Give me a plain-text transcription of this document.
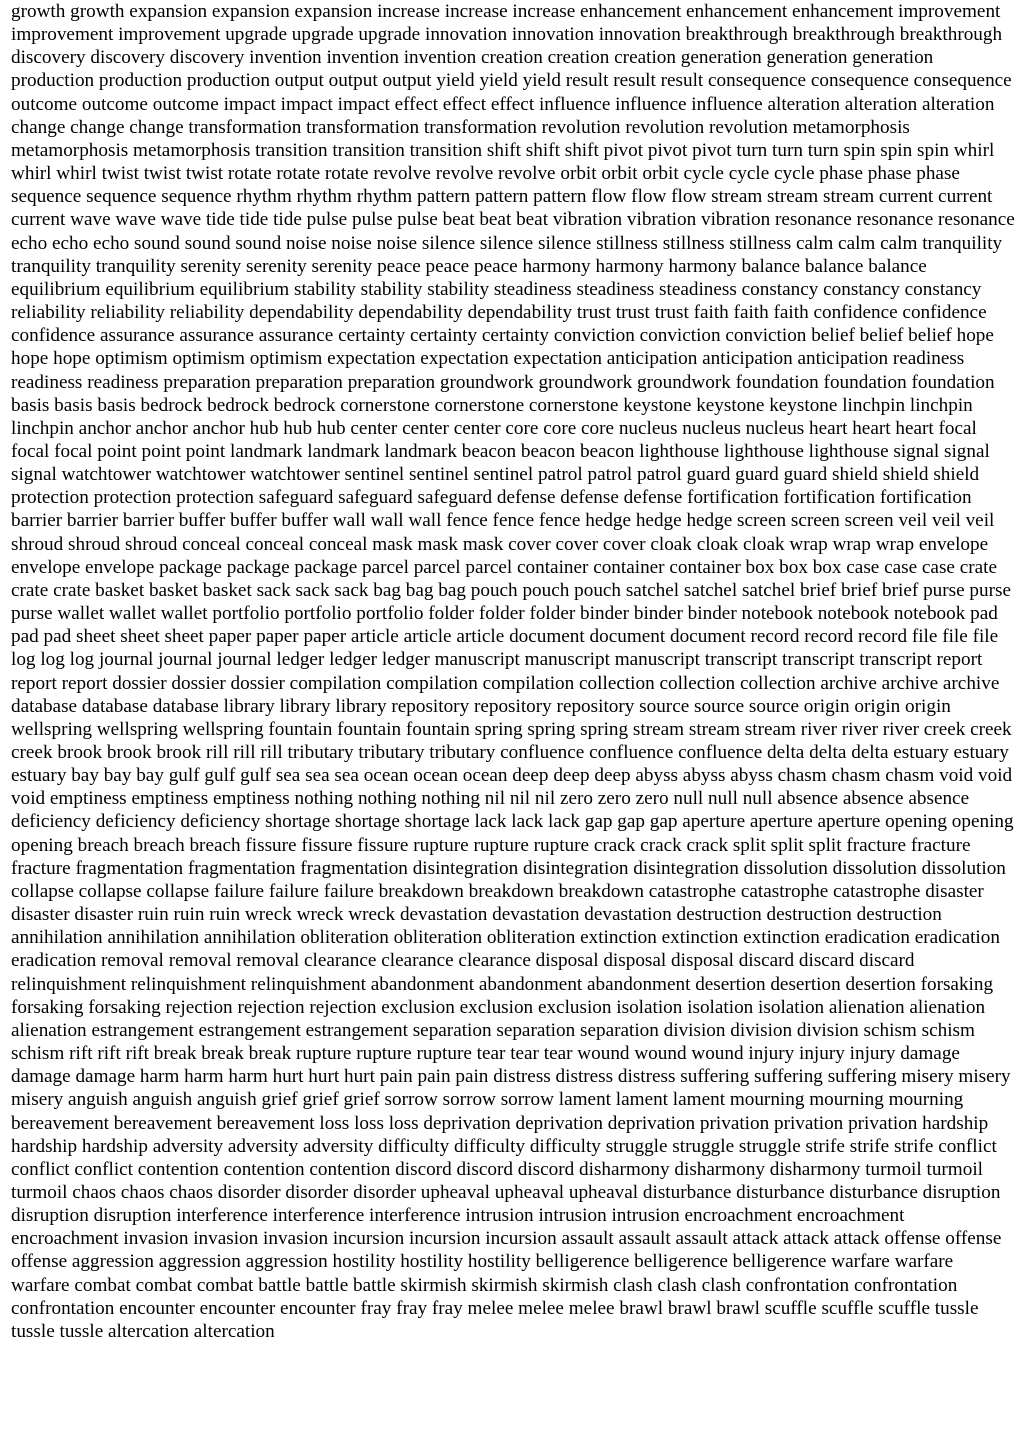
growth growth expansion expansion expansion increase increase increase enhancement enhancement enhancement improvement improvement improvement upgrade upgrade upgrade innovation innovation innovation breakthrough breakthrough breakthrough discovery discovery discovery invention invention invention creation creation creation generation generation generation production production production output output output yield yield yield result result result consequence consequence consequence outcome outcome outcome impact impact impact effect effect effect influence influence influence alteration alteration alteration change change change transformation transformation transformation revolution revolution revolution metamorphosis metamorphosis metamorphosis transition transition transition shift shift shift pivot pivot pivot turn turn turn spin spin spin whirl whirl whirl twist twist twist rotate rotate rotate revolve revolve revolve orbit orbit orbit cycle cycle cycle phase phase phase sequence sequence sequence rhythm rhythm rhythm pattern pattern pattern flow flow flow stream stream stream current current current wave wave wave tide tide tide pulse pulse pulse beat beat beat vibration vibration vibration resonance resonance resonance echo echo echo sound sound sound noise noise noise silence silence silence stillness stillness stillness calm calm calm tranquility tranquility tranquility serenity serenity serenity peace peace peace harmony harmony harmony balance balance balance equilibrium equilibrium equilibrium stability stability stability steadiness steadiness steadiness constancy constancy constancy reliability reliability reliability dependability dependability dependability trust trust trust faith faith faith confidence confidence confidence assurance assurance assurance certainty certainty certainty conviction conviction conviction belief belief belief hope hope hope optimism optimism optimism expectation expectation expectation anticipation anticipation anticipation readiness readiness readiness preparation preparation preparation groundwork groundwork groundwork foundation foundation foundation basis basis basis bedrock bedrock bedrock cornerstone cornerstone cornerstone keystone keystone keystone linchpin linchpin linchpin anchor anchor anchor hub hub hub center center center core core core nucleus nucleus nucleus heart heart heart focal focal focal point point point landmark landmark landmark beacon beacon beacon lighthouse lighthouse lighthouse signal signal signal watchtower watchtower watchtower sentinel sentinel sentinel patrol patrol patrol guard guard guard shield shield shield protection protection protection safeguard safeguard safeguard defense defense defense fortification fortification fortification barrier barrier barrier buffer buffer buffer wall wall wall fence fence fence hedge hedge hedge screen screen screen veil veil veil shroud shroud shroud conceal conceal conceal mask mask mask cover cover cover cloak cloak cloak wrap wrap wrap envelope envelope envelope package package package parcel parcel parcel container container container box box box case case case crate crate crate basket basket basket sack sack sack bag bag bag pouch pouch pouch satchel satchel satchel brief brief brief purse purse purse wallet wallet wallet portfolio portfolio portfolio folder folder folder binder binder binder notebook notebook notebook pad pad pad sheet sheet sheet paper paper paper article article article document document document record record record file file file log log log journal journal journal ledger ledger ledger manuscript manuscript manuscript transcript transcript transcript report report report dossier dossier dossier compilation compilation compilation collection collection collection archive archive archive database database database library library library repository repository repository source source source origin origin origin wellspring wellspring wellspring fountain fountain fountain spring spring spring stream stream stream river river river creek creek creek brook brook brook rill rill rill tributary tributary tributary confluence confluence confluence delta delta delta estuary estuary estuary bay bay bay gulf gulf gulf sea sea sea ocean ocean ocean deep deep deep abyss abyss abyss chasm chasm chasm void void void emptiness emptiness emptiness nothing nothing nothing nil nil nil zero zero zero null null null absence absence absence deficiency deficiency deficiency shortage shortage shortage lack lack lack gap gap gap aperture aperture aperture opening opening opening breach breach breach fissure fissure fissure rupture rupture rupture crack crack crack split split split fracture fracture fracture fragmentation fragmentation fragmentation disintegration disintegration disintegration dissolution dissolution dissolution collapse collapse collapse failure failure failure breakdown breakdown breakdown catastrophe catastrophe catastrophe disaster disaster disaster ruin ruin ruin wreck wreck wreck devastation devastation devastation destruction destruction destruction annihilation annihilation annihilation obliteration obliteration obliteration extinction extinction extinction eradication eradication eradication removal removal removal clearance clearance clearance disposal disposal disposal discard discard discard relinquishment relinquishment relinquishment abandonment abandonment abandonment desertion desertion desertion forsaking forsaking forsaking rejection rejection rejection exclusion exclusion exclusion isolation isolation isolation alienation alienation alienation estrangement estrangement estrangement separation separation separation division division division schism schism schism rift rift rift break break break rupture rupture rupture tear tear tear wound wound wound injury injury injury damage damage damage harm harm harm hurt hurt hurt pain pain pain distress distress distress suffering suffering suffering misery misery misery anguish anguish anguish grief grief grief sorrow sorrow sorrow lament lament lament mourning mourning mourning bereavement bereavement bereavement loss loss loss deprivation deprivation deprivation privation privation privation hardship hardship hardship adversity adversity adversity difficulty difficulty difficulty struggle struggle struggle strife strife strife conflict conflict conflict contention contention contention discord discord discord disharmony disharmony disharmony turmoil turmoil turmoil chaos chaos chaos disorder disorder disorder upheaval upheaval upheaval disturbance disturbance disturbance disruption disruption disruption interference interference interference intrusion intrusion intrusion encroachment encroachment encroachment invasion invasion invasion incursion incursion incursion assault assault assault attack attack attack offense offense offense aggression aggression aggression hostility hostility hostility belligerence belligerence belligerence warfare warfare warfare combat combat combat battle battle battle skirmish skirmish skirmish clash clash clash confrontation confrontation confrontation encounter encounter encounter fray fray fray melee melee melee brawl brawl brawl scuffle scuffle scuffle tussle tussle tussle altercation altercation
